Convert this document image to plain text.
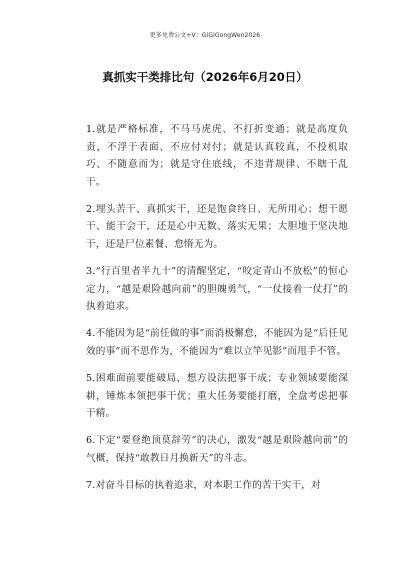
更多免费公文+V：GiGiGongWen2026
真抓实干类排比句（2026年6月20日）

1.就是严格标准，不马马虎虎、不打折变通；就是高度负责，不浮于表面、不应付对付；就是认真较真，不投机取巧、不随意而为；就是守住底线，不违背规律、不瞎干乱干。

2.埋头苦干、真抓实干，还是饱食终日、无所用心；想干愿干、能干会干，还是心中无数、落实无果；大胆地干坚决地干，还是尸位素餐、怠惰无为。

3.“行百里者半九十”的清醒坚定，“咬定青山不放松”的恒心定力，“越是艰险越向前”的胆魄勇气，“一仗接着一仗打”的执着追求。

4.不能因为是“前任做的事”而消极懈怠，不能因为是“后任见效的事”而不思作为，不能因为“难以立竿见影”而甩手不管。

5.困难面前要能破局，想方设法把事干成；专业领域要能深耕，锤炼本领把事干优；重大任务要能打磨，全盘考虑把事干精。

6.下定“要登绝顶莫辞劳”的决心，激发“越是艰险越向前”的气概，保持“敢教日月换新天”的斗志。

7.对奋斗目标的执着追求，对本职工作的苦干实干，对
